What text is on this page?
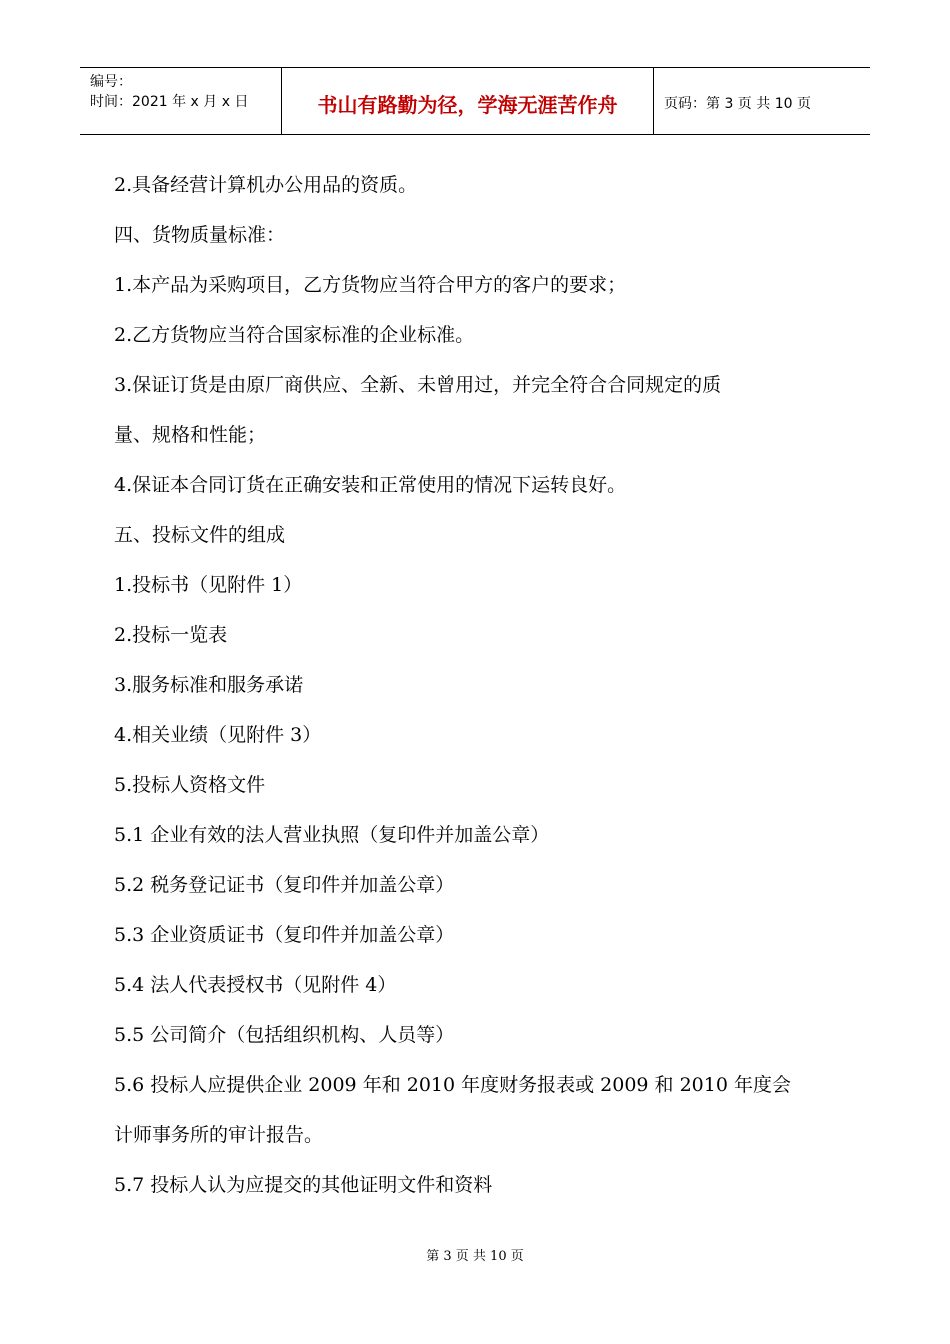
编号：
时间：2021 年 x 月 x 日	书山有路勤为径，学海无涯苦作舟	页码：第 3 页 共 10 页
2.具备经营计算机办公用品的资质。
四、货物质量标准：
1.本产品为采购项目，乙方货物应当符合甲方的客户的要求；
2.乙方货物应当符合国家标准的企业标准。
3.保证订货是由原厂商供应、全新、未曾用过，并完全符合合同规定的质
量、规格和性能；
4.保证本合同订货在正确安装和正常使用的情况下运转良好。
五、投标文件的组成
1.投标书（见附件 1）
2.投标一览表
3.服务标准和服务承诺
4.相关业绩（见附件 3）
5.投标人资格文件
5.1 企业有效的法人营业执照（复印件并加盖公章）
5.2 税务登记证书（复印件并加盖公章）
5.3 企业资质证书（复印件并加盖公章）
5.4 法人代表授权书（见附件 4）
5.5 公司简介（包括组织机构、人员等）
5.6 投标人应提供企业 2009 年和 2010 年度财务报表或 2009 和 2010 年度会
计师事务所的审计报告。
5.7 投标人认为应提交的其他证明文件和资料
第 3 页 共 10 页
